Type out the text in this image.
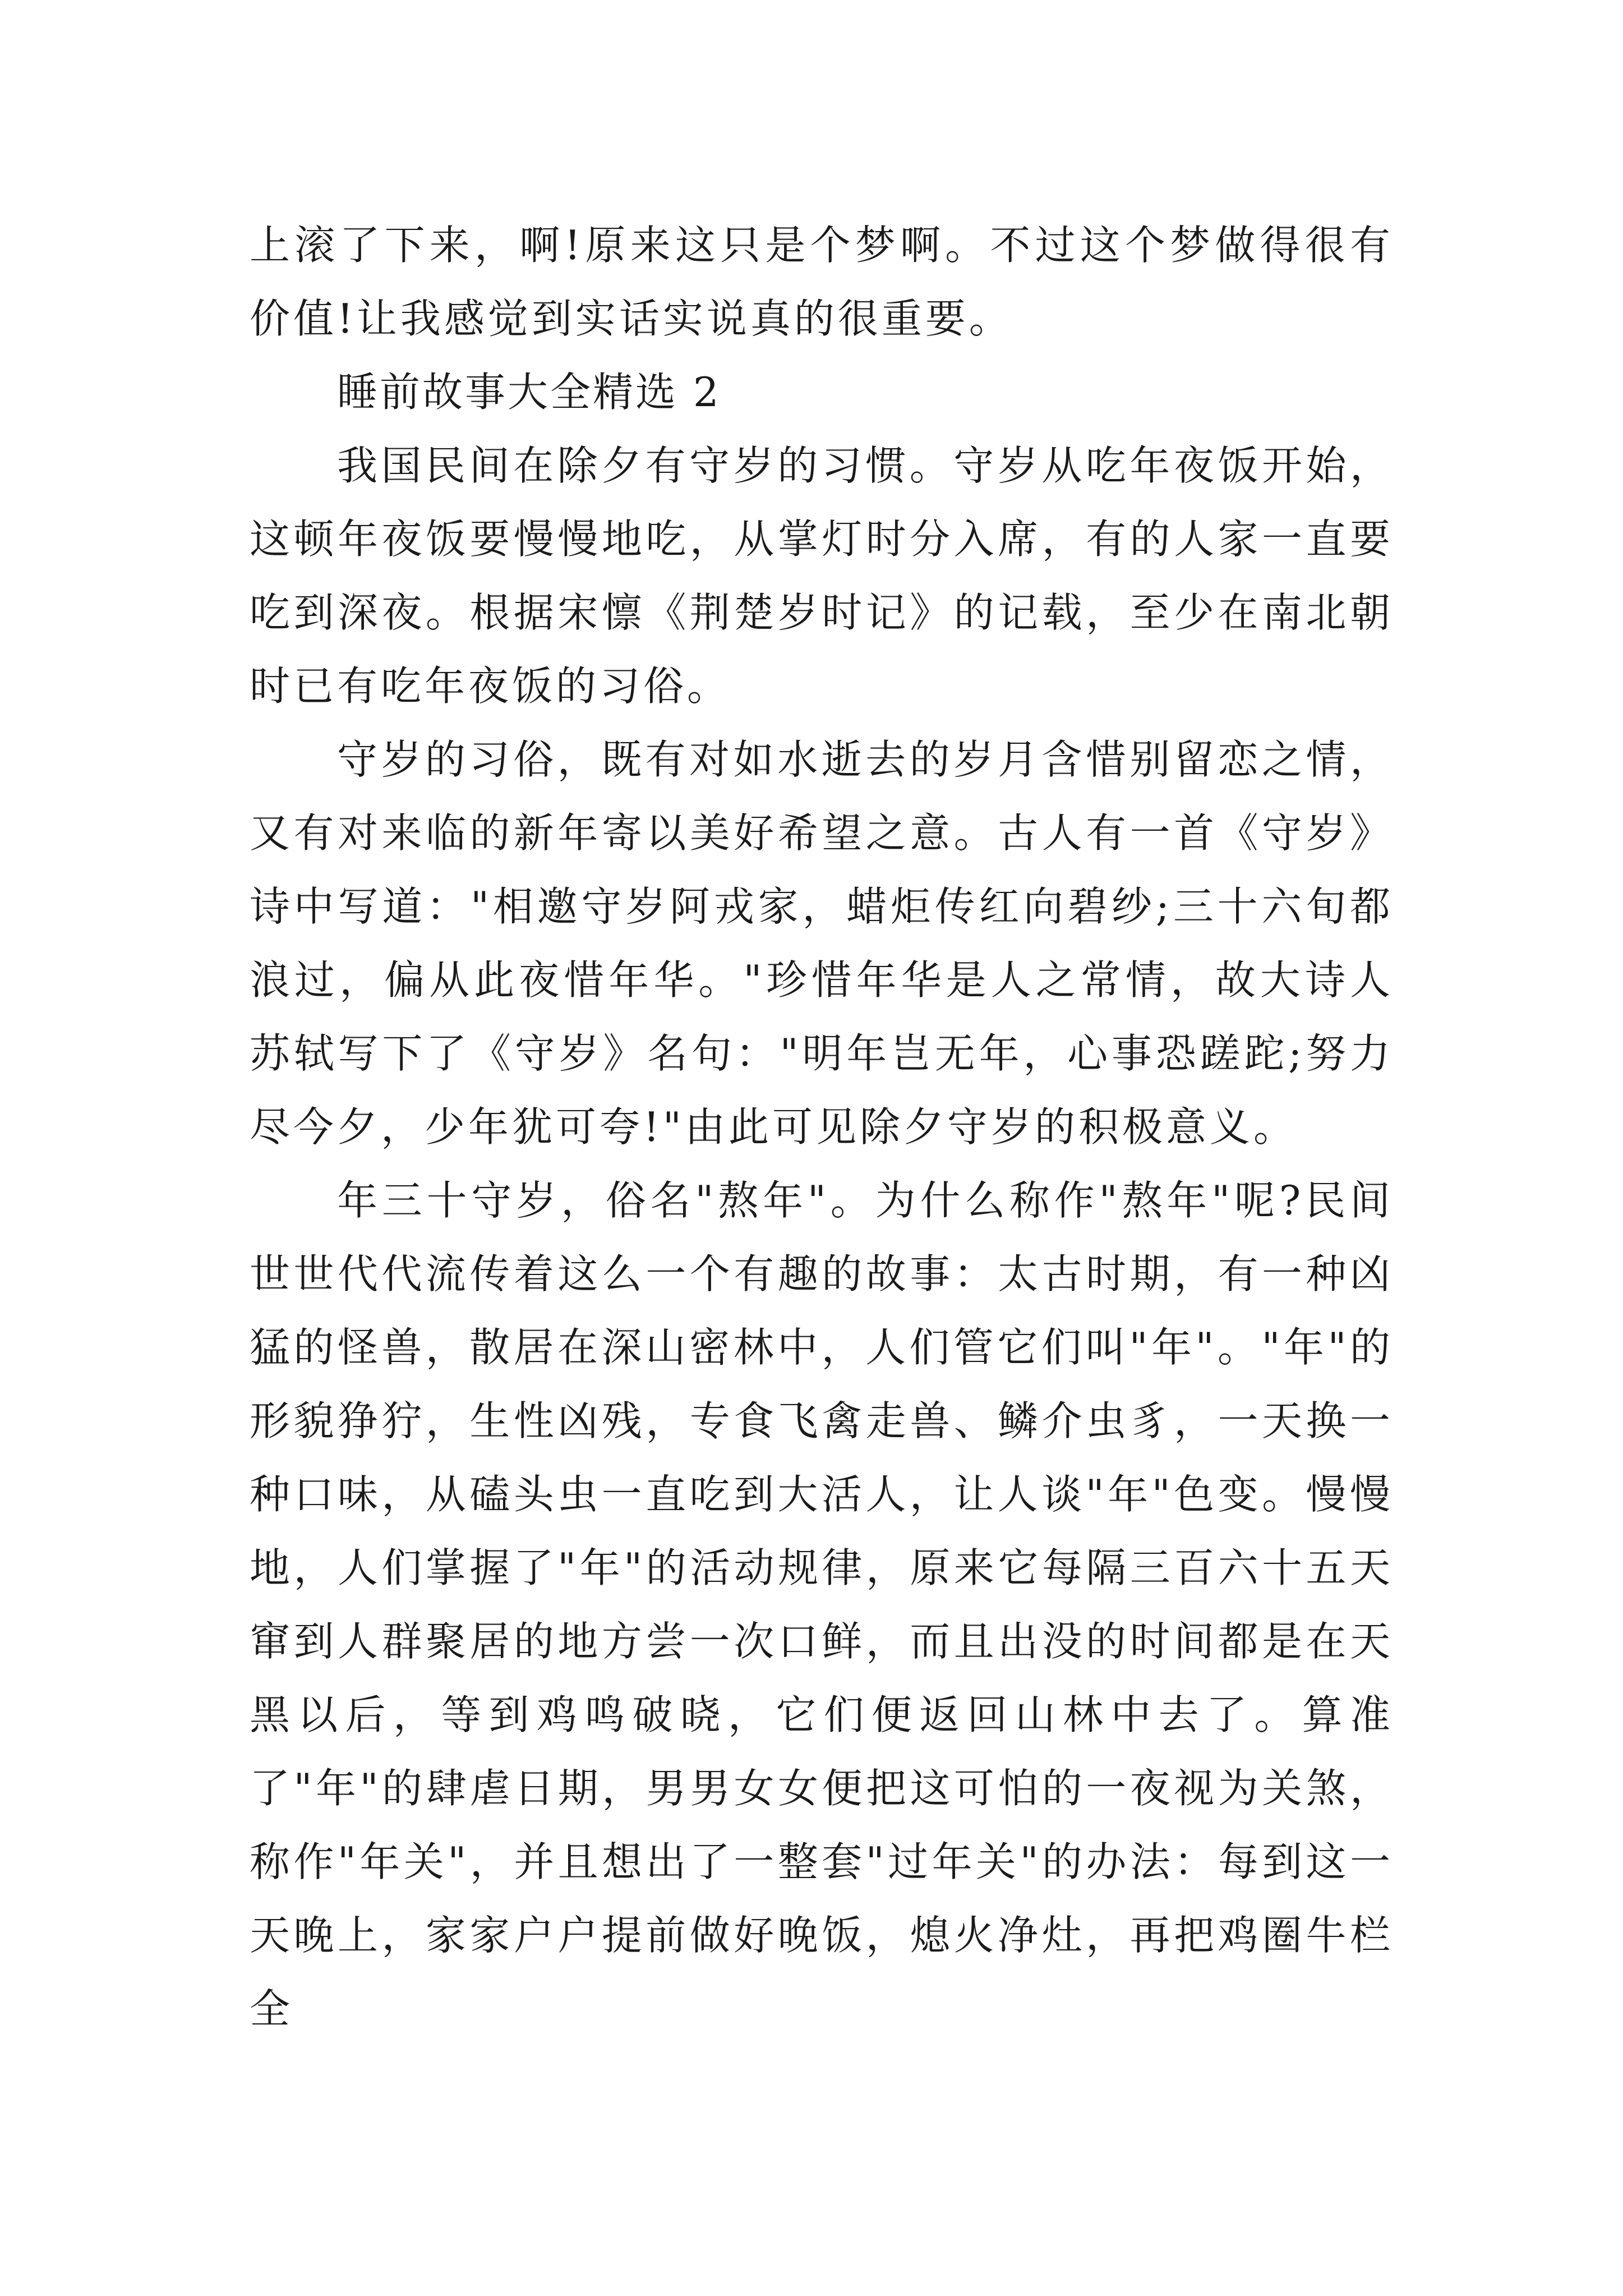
上滚了下来，啊!原来这只是个梦啊。不过这个梦做得很有价值!让我感觉到实话实说真的很重要。

睡前故事大全精选 2

我国民间在除夕有守岁的习惯。守岁从吃年夜饭开始，这顿年夜饭要慢慢地吃，从掌灯时分入席，有的人家一直要吃到深夜。根据宋懔《荆楚岁时记》的记载，至少在南北朝时已有吃年夜饭的习俗。

守岁的习俗，既有对如水逝去的岁月含惜别留恋之情，又有对来临的新年寄以美好希望之意。古人有一首《守岁》诗中写道："相邀守岁阿戎家，蜡炬传红向碧纱;三十六旬都浪过，偏从此夜惜年华。"珍惜年华是人之常情，故大诗人苏轼写下了《守岁》名句："明年岂无年，心事恐蹉跎;努力尽今夕，少年犹可夸!"由此可见除夕守岁的积极意义。

年三十守岁，俗名"熬年"。为什么称作"熬年"呢?民间世世代代流传着这么一个有趣的故事：太古时期，有一种凶猛的怪兽，散居在深山密林中，人们管它们叫"年"。"年"的形貌狰狞，生性凶残，专食飞禽走兽、鳞介虫豸，一天换一种口味，从磕头虫一直吃到大活人，让人谈"年"色变。慢慢地，人们掌握了"年"的活动规律，原来它每隔三百六十五天窜到人群聚居的地方尝一次口鲜，而且出没的时间都是在天黑以后，等到鸡鸣破晓，它们便返回山林中去了。算准了"年"的肆虐日期，男男女女便把这可怕的一夜视为关煞，称作"年关"，并且想出了一整套"过年关"的办法：每到这一天晚上，家家户户提前做好晚饭，熄火净灶，再把鸡圈牛栏全
